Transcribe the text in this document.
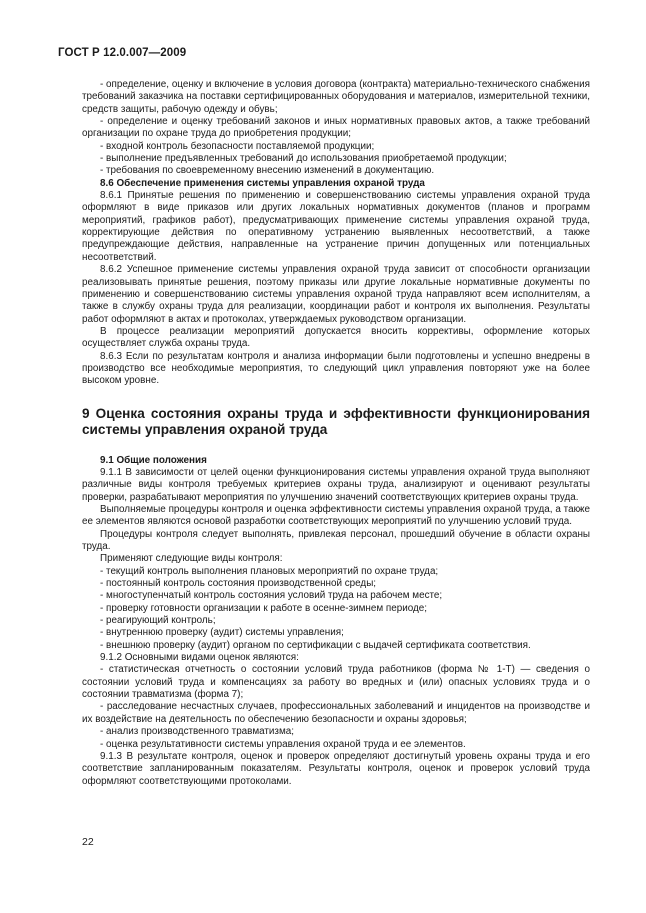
ГОСТ Р 12.0.007—2009

- определение, оценку и включение в условия договора (контракта) материально-технического снабжения требований заказчика на поставки сертифицированных оборудования и материалов, измерительной техники, средств защиты, рабочую одежду и обувь;

- определение и оценку требований законов и иных нормативных правовых актов, а также требований организации по охране труда до приобретения продукции;

- входной контроль безопасности поставляемой продукции;

- выполнение предъявленных требований до использования приобретаемой продукции;

- требования по своевременному внесению изменений в документацию.

8.6 Обеспечение применения системы управления охраной труда

8.6.1 Принятые решения по применению и совершенствованию системы управления охраной труда оформляют в виде приказов или других локальных нормативных документов (планов и программ мероприятий, графиков работ), предусматривающих применение системы управления охраной труда, корректирующие действия по оперативному устранению выявленных несоответствий, а также предупреждающие действия, направленные на устранение причин допущенных или потенциальных несоответствий.

8.6.2 Успешное применение системы управления охраной труда зависит от способности организации реализовывать принятые решения, поэтому приказы или другие локальные нормативные документы по применению и совершенствованию системы управления охраной труда направляют всем исполнителям, а также в службу охраны труда для реализации, координации работ и контроля их выполнения. Результаты работ оформляют в актах и протоколах, утверждаемых руководством организации.

В процессе реализации мероприятий допускается вносить коррективы, оформление которых осуществляет служба охраны труда.

8.6.3 Если по результатам контроля и анализа информации были подготовлены и успешно внедрены в производство все необходимые мероприятия, то следующий цикл управления повторяют уже на более высоком уровне.

9 Оценка состояния охраны труда и эффективности функционирования системы управления охраной труда

9.1 Общие положения

9.1.1 В зависимости от целей оценки функционирования системы управления охраной труда выполняют различные виды контроля требуемых критериев охраны труда, анализируют и оценивают результаты проверки, разрабатывают мероприятия по улучшению значений соответствующих критериев охраны труда.

Выполняемые процедуры контроля и оценка эффективности системы управления охраной труда, а также ее элементов являются основой разработки соответствующих мероприятий по улучшению условий труда.

Процедуры контроля следует выполнять, привлекая персонал, прошедший обучение в области охраны труда.

Применяют следующие виды контроля:

- текущий контроль выполнения плановых мероприятий по охране труда;

- постоянный контроль состояния производственной среды;

- многоступенчатый контроль состояния условий труда на рабочем месте;

- проверку готовности организации к работе в осенне-зимнем периоде;

- реагирующий контроль;

- внутреннюю проверку (аудит) системы управления;

- внешнюю проверку (аудит) органом по сертификации с выдачей сертификата соответствия.

9.1.2 Основными видами оценок являются:

- статистическая отчетность о состоянии условий труда работников (форма № 1-Т) — сведения о состоянии условий труда и компенсациях за работу во вредных и (или) опасных условиях труда и о состоянии травматизма (форма 7);

- расследование несчастных случаев, профессиональных заболеваний и инцидентов на производстве и их воздействие на деятельность по обеспечению безопасности и охраны здоровья;

- анализ производственного травматизма;

- оценка результативности системы управления охраной труда и ее элементов.

9.1.3 В результате контроля, оценок и проверок определяют достигнутый уровень охраны труда и его соответствие запланированным показателям. Результаты контроля, оценок и проверок условий труда оформляют соответствующими протоколами.

22
